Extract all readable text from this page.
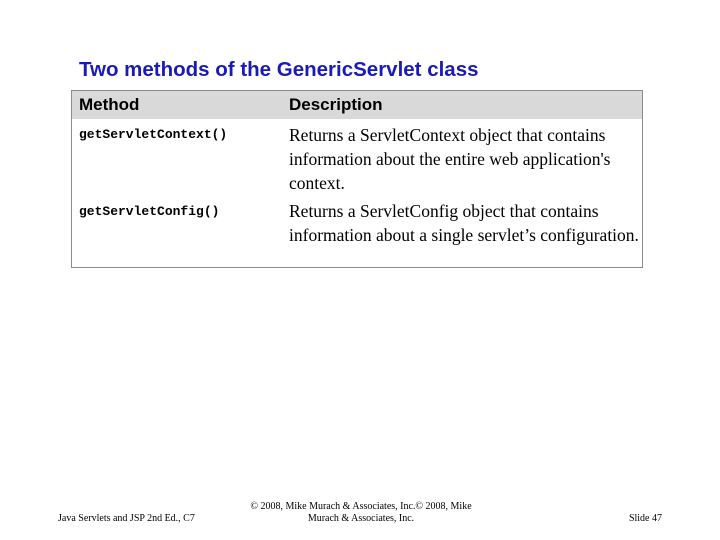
Two methods of the GenericServlet class
Method	Description
getServletContext()	Returns a ServletContext object that contains information about the entire web application's context.
getServletConfig()	Returns a ServletConfig object that contains information about a single servlet’s configuration.
Java Servlets and JSP 2nd Ed., C7
© 2008, Mike Murach & Associates, Inc.© 2008, Mike Murach & Associates, Inc.	Slide 47
